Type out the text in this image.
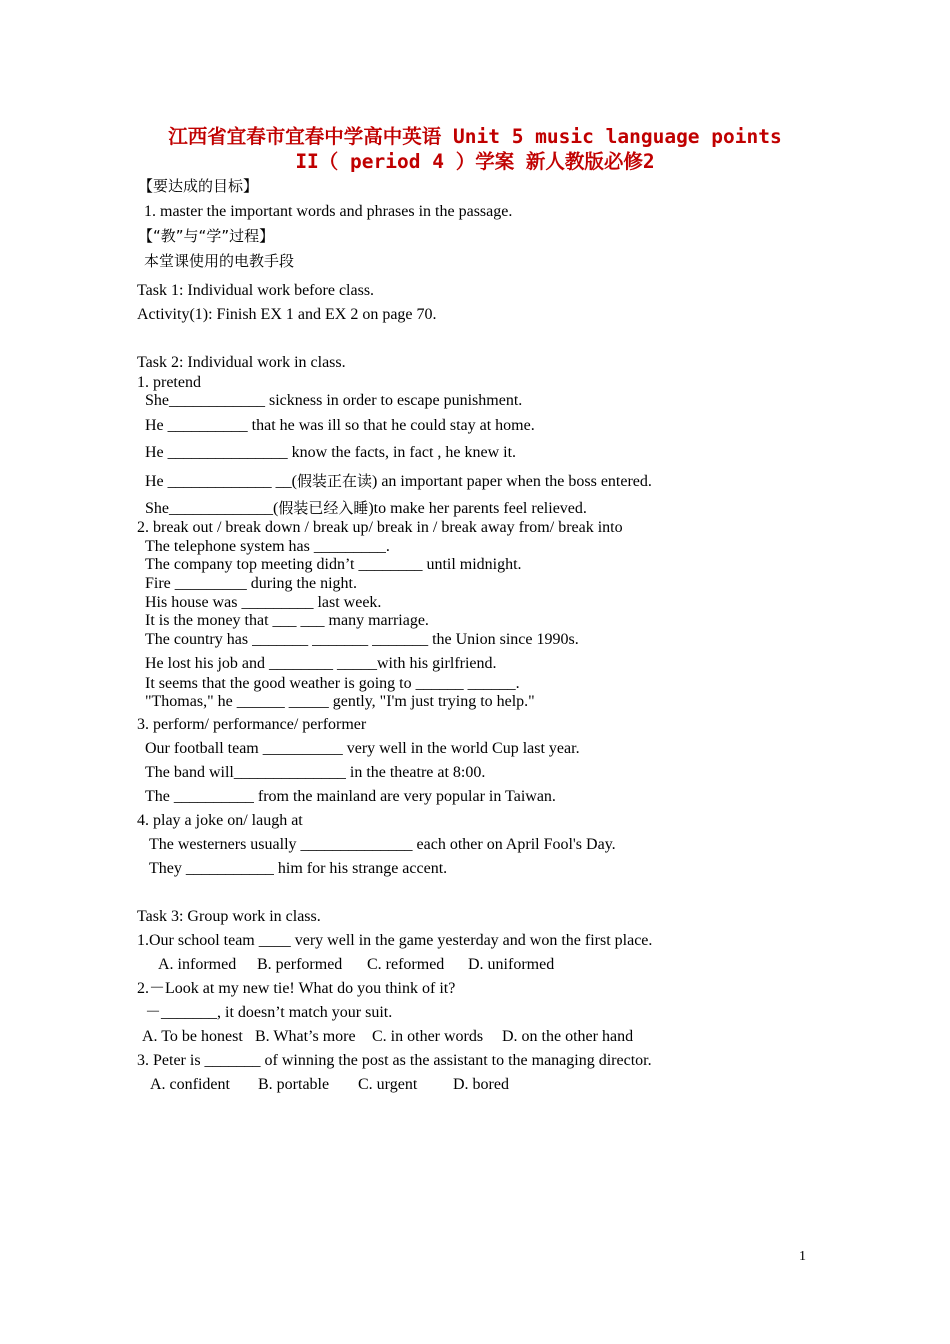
江西省宜春市宜春中学高中英语 Unit 5 music language points
II（ period 4 ）学案 新人教版必修2
【要达成的目标】
1. master the important words and phrases in the passage.
【“教”与“学”过程】
本堂课使用的电教手段
Task 1: Individual work before class.
Activity(1): Finish EX 1 and EX 2 on page 70.
Task 2: Individual work in class.
1. pretend
She____________ sickness in order to escape punishment.
He __________ that he was ill so that he could stay at home.
He _______________ know the facts, in fact , he knew it.
He _____________ __(假装正在读) an important paper when the boss entered.
She_____________(假装已经入睡)to make her parents feel relieved.
2. break out / break down / break up/ break in / break away from/ break into
The telephone system has _________.
The company top meeting didn’t ________ until midnight.
Fire _________ during the night.
His house was _________ last week.
It is the money that ___ ___ many marriage.
The country has _______ _______ _______ the Union since 1990s.
He lost his job and ________ _____with his girlfriend.
It seems that the good weather is going to ______ ______.
"Thomas," he ______ _____ gently, "I'm just trying to help."
3. perform/ performance/ performer
Our football team __________ very well in the world Cup last year.
The band will______________ in the theatre at 8:00.
The __________ from the mainland are very popular in Taiwan.
4. play a joke on/ laugh at
The westerners usually ______________ each other on April Fool's Day.
They ___________ him for his strange accent.
Task 3: Group work in class.
1.Our school team ____ very well in the game yesterday and won the first place.
A. informed B. performed C. reformed D. uniformed
2.－Look at my new tie! What do you think of it?
－_______, it doesn’t match your suit.
A. To be honest B. What’s more C. in other words D. on the other hand
3. Peter is _______ of winning the post as the assistant to the managing director.
A. confident B. portable C. urgent D. bored
1
